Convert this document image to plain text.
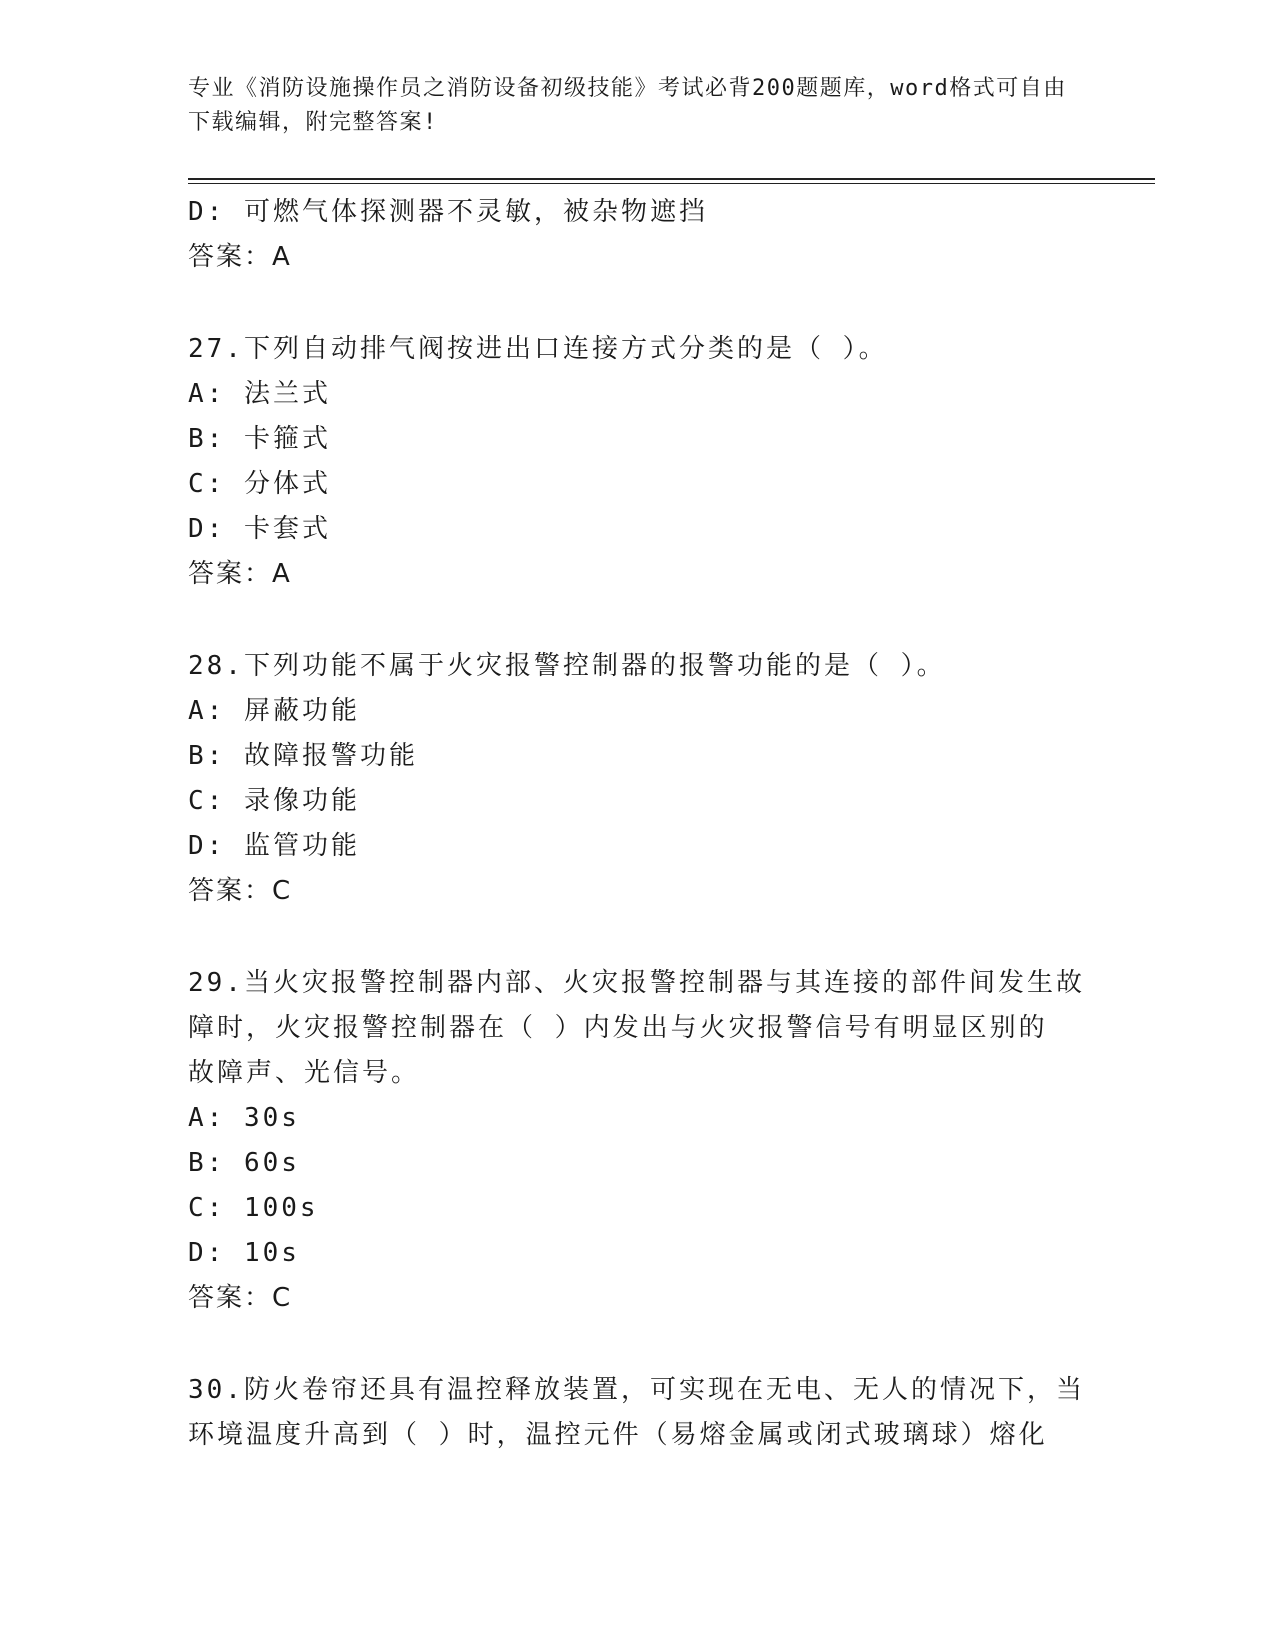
专业《消防设施操作员之消防设备初级技能》考试必背200题题库，word格式可自由下载编辑，附完整答案!
D: 可燃气体探测器不灵敏，被杂物遮挡
答案：A
27.下列自动排气阀按进出口连接方式分类的是（ ）。
A: 法兰式
B: 卡箍式
C: 分体式
D: 卡套式
答案：A
28.下列功能不属于火灾报警控制器的报警功能的是（ ）。
A: 屏蔽功能
B: 故障报警功能
C: 录像功能
D: 监管功能
答案：C
29.当火灾报警控制器内部、火灾报警控制器与其连接的部件间发生故
障时，火灾报警控制器在（ ）内发出与火灾报警信号有明显区别的
故障声、光信号。
A: 30s
B: 60s
C: 100s
D: 10s
答案：C
30.防火卷帘还具有温控释放装置，可实现在无电、无人的情况下，当
环境温度升高到（ ）时，温控元件（易熔金属或闭式玻璃球）熔化
